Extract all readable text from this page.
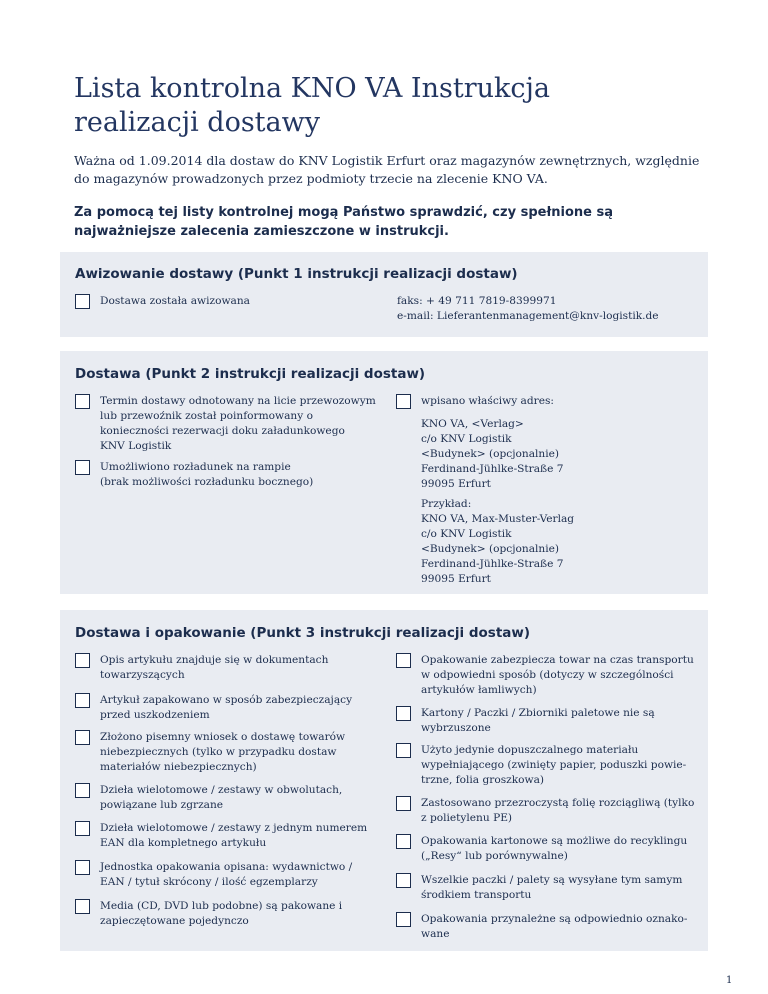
Lista kontrolna KNO VA Instrukcja
realizacji dostawy
Ważna od 1.09.2014 dla dostaw do KNV Logistik Erfurt oraz magazynów zewnętrznych, względnie do magazynów prowadzonych przez podmioty trzecie na zlecenie KNO VA.
Za pomocą tej listy kontrolnej mogą Państwo sprawdzić, czy spełnione są najważniejsze zalecenia zamieszczone w instrukcji.
Awizowanie dostawy (Punkt 1 instrukcji realizacji dostaw)
Dostawa została awizowana	faks: + 49 711 7819-8399971
e-mail: Lieferantenmanagement@knv-logistik.de
Dostawa (Punkt 2 instrukcji realizacji dostaw)
Termin dostawy odnotowany na licie przewozowym
lub przewoźnik został poinformowany o
konieczności rezerwacji doku załadunkowego
KNV Logistik
Umożliwiono rozładunek na rampie
(brak możliwości rozładunku bocznego)
wpisano właściwy adres:
KNO VA, <Verlag>
c/o KNV Logistik
<Budynek> (opcjonalnie)
Ferdinand-Jühlke-Straße 7
99095 Erfurt
Przykład:
KNO VA, Max-Muster-Verlag
c/o KNV Logistik
<Budynek> (opcjonalnie)
Ferdinand-Jühlke-Straße 7
99095 Erfurt
Dostawa i opakowanie (Punkt 3 instrukcji realizacji dostaw)
Opis artykułu znajduje się w dokumentach
towarzyszących
Artykuł zapakowano w sposób zabezpieczający
przed uszkodzeniem
Złożono pisemny wniosek o dostawę towarów
niebezpiecznych (tylko w przypadku dostaw
materiałów niebezpiecznych)
Dzieła wielotomowe / zestawy w obwolutach,
powiązane lub zgrzane
Dzieła wielotomowe / zestawy z jednym numerem
EAN dla kompletnego artykułu
Jednostka opakowania opisana: wydawnictwo /
EAN / tytuł skrócony / ilość egzemplarzy
Media (CD, DVD lub podobne) są pakowane i
zapieczętowane pojedynczo
Opakowanie zabezpiecza towar na czas transportu
w odpowiedni sposób (dotyczy w szczególności
artykułów łamliwych)
Kartony / Paczki / Zbiorniki paletowe nie są
wybrzuszone
Użyto jedynie dopuszczalnego materiału
wypełniającego (zwinięty papier, poduszki powie-
trzne, folia groszkowa)
Zastosowano przezroczystą folię rozciągliwą (tylko
z polietylenu PE)
Opakowania kartonowe są możliwe do recyklingu
(„Resy“ lub porównywalne)
Wszelkie paczki / palety są wysyłane tym samym
środkiem transportu
Opakowania przynależne są odpowiednio oznako-
wane
1
